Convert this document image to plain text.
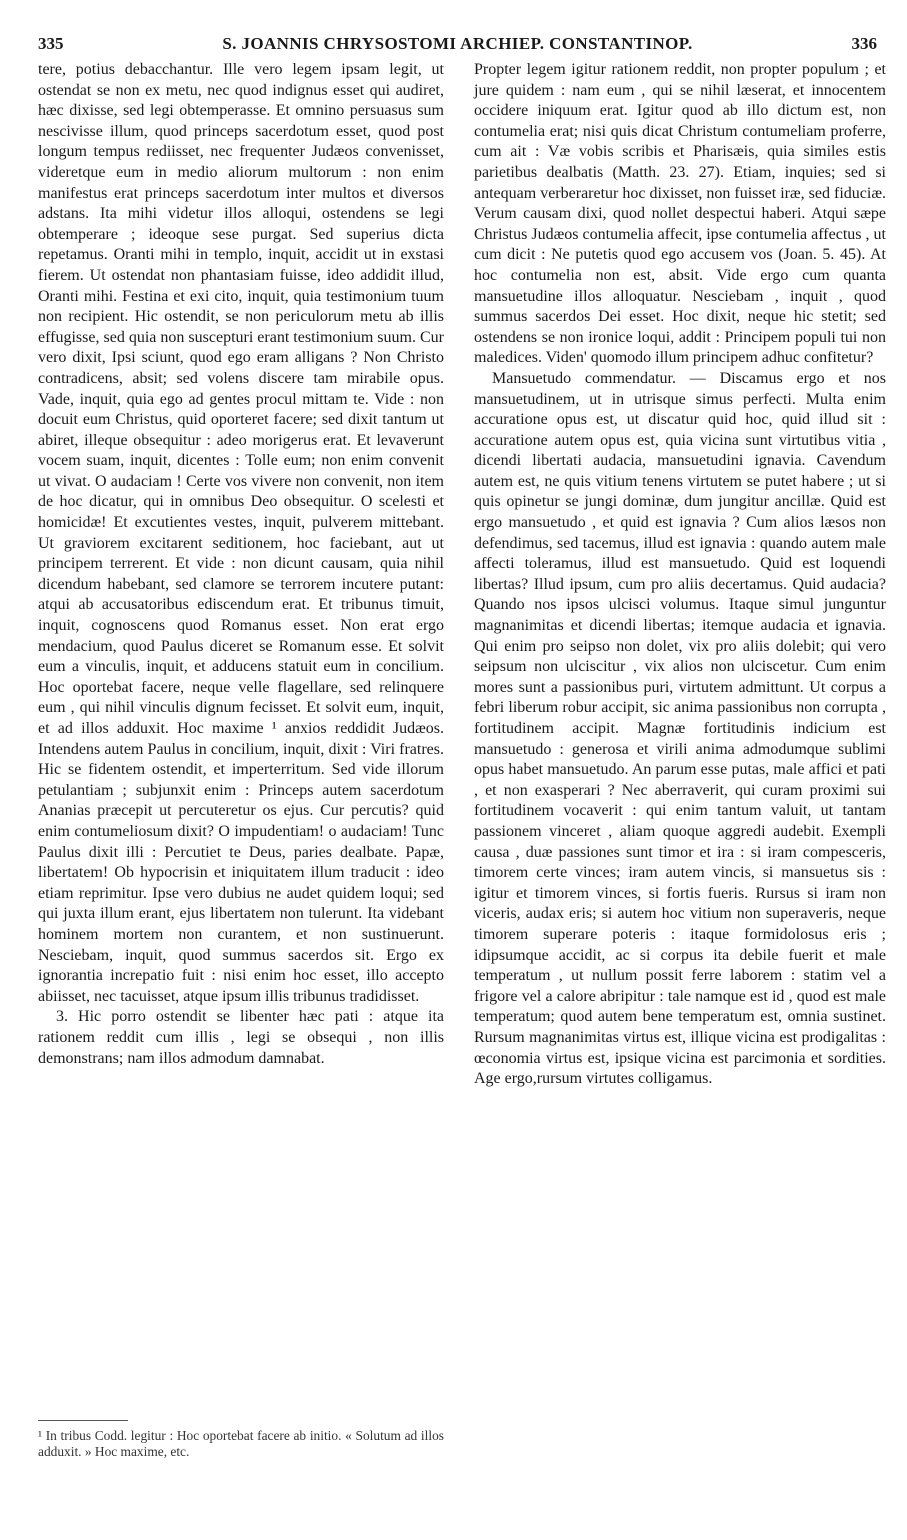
335	S. JOANNIS CHRYSOSTOMI ARCHIEP. CONSTANTINOP.	336

tere, potius debacchantur. Ille vero legem ipsam legit, ut ostendat se non ex metu, nec quod indignus esset qui audiret, hæc dixisse, sed legi obtemperasse. Et omnino persuasus sum nescivisse illum, quod princeps sacerdotum esset, quod post longum tempus rediisset, nec frequenter Judæos convenisset, videretque eum in medio aliorum multorum : non enim manifestus erat princeps sacerdotum inter multos et diversos adstans. Ita mihi videtur illos alloqui, ostendens se legi obtemperare ; ideoque sese purgat. Sed superius dicta repetamus. Oranti mihi in templo, inquit, accidit ut in exstasi fierem. Ut ostendat non phantasiam fuisse, ideo addidit illud, Oranti mihi. Festina et exi cito, inquit, quia testimonium tuum non recipient. Hic ostendit, se non periculorum metu ab illis effugisse, sed quia non suscepturi erant testimonium suum. Cur vero dixit, Ipsi sciunt, quod ego eram alligans ? Non Christo contradicens, absit; sed volens discere tam mirabile opus. Vade, inquit, quia ego ad gentes procul mittam te. Vide : non docuit eum Christus, quid oporteret facere; sed dixit tantum ut abiret, illeque obsequitur : adeo morigerus erat. Et levaverunt vocem suam, inquit, dicentes : Tolle eum; non enim convenit ut vivat. O audaciam ! Certe vos vivere non convenit, non item de hoc dicatur, qui in omnibus Deo obsequitur. O scelesti et homicidæ! Et excutientes vestes, inquit, pulverem mittebant. Ut graviorem excitarent seditionem, hoc faciebant, aut ut principem terrerent. Et vide : non dicunt causam, quia nihil dicendum habebant, sed clamore se terrorem incutere putant: atqui ab accusatoribus ediscendum erat. Et tribunus timuit, inquit, cognoscens quod Romanus esset. Non erat ergo mendacium, quod Paulus diceret se Romanum esse. Et solvit eum a vinculis, inquit, et adducens statuit eum in concilium. Hoc oportebat facere, neque velle flagellare, sed relinquere eum , qui nihil vinculis dignum fecisset. Et solvit eum, inquit, et ad illos adduxit. Hoc maxime ¹ anxios reddidit Judæos. Intendens autem Paulus in concilium, inquit, dixit : Viri fratres. Hic se fidentem ostendit, et imperterritum. Sed vide illorum petulantiam ; subjunxit enim : Princeps autem sacerdotum Ananias præcepit ut percuteretur os ejus. Cur percutis? quid enim contumeliosum dixit? O impudentiam! o audaciam! Tunc Paulus dixit illi : Percutiet te Deus, paries dealbate. Papæ, libertatem! Ob hypocrisin et iniquitatem illum traducit : ideo etiam reprimitur. Ipse vero dubius ne audet quidem loqui; sed qui juxta illum erant, ejus libertatem non tulerunt. Ita videbant hominem mortem non curantem, et non sustinuerunt. Nesciebam, inquit, quod summus sacerdos sit. Ergo ex ignorantia increpatio fuit : nisi enim hoc esset, illo accepto abiisset, nec tacuisset, atque ipsum illis tribunus tradidisset.

3. Hic porro ostendit se libenter hæc pati : atque ita rationem reddit cum illis , legi se obsequi , non illis demonstrans; nam illos admodum damnabat.

¹ In tribus Codd. legitur : Hoc oportebat facere ab initio. « Solutum ad illos adduxit. » Hoc maxime, etc.

Propter legem igitur rationem reddit, non propter populum ; et jure quidem : nam eum , qui se nihil læserat, et innocentem occidere iniquum erat. Igitur quod ab illo dictum est, non contumelia erat; nisi quis dicat Christum contumeliam proferre, cum ait : Væ vobis scribis et Pharisæis, quia similes estis parietibus dealbatis (Matth. 23. 27). Etiam, inquies; sed si antequam verberaretur hoc dixisset, non fuisset iræ, sed fiduciæ. Verum causam dixi, quod nollet despectui haberi. Atqui sæpe Christus Judæos contumelia affecit, ipse contumelia affectus , ut cum dicit : Ne putetis quod ego accusem vos (Joan. 5. 45). At hoc contumelia non est, absit. Vide ergo cum quanta mansuetudine illos alloquatur. Nesciebam , inquit , quod summus sacerdos Dei esset. Hoc dixit, neque hic stetit; sed ostendens se non ironice loqui, addit : Principem populi tui non maledices. Viden' quomodo illum principem adhuc confitetur?

Mansuetudo commendatur. — Discamus ergo et nos mansuetudinem, ut in utrisque simus perfecti. Multa enim accuratione opus est, ut discatur quid hoc, quid illud sit : accuratione autem opus est, quia vicina sunt virtutibus vitia , dicendi libertati audacia, mansuetudini ignavia. Cavendum autem est, ne quis vitium tenens virtutem se putet habere ; ut si quis opinetur se jungi dominæ, dum jungitur ancillæ. Quid est ergo mansuetudo , et quid est ignavia ? Cum alios læsos non defendimus, sed tacemus, illud est ignavia : quando autem male affecti toleramus, illud est mansuetudo. Quid est loquendi libertas? Illud ipsum, cum pro aliis decertamus. Quid audacia? Quando nos ipsos ulcisci volumus. Itaque simul junguntur magnanimitas et dicendi libertas; itemque audacia et ignavia. Qui enim pro seipso non dolet, vix pro aliis dolebit; qui vero seipsum non ulciscitur , vix alios non ulciscetur. Cum enim mores sunt a passionibus puri, virtutem admittunt. Ut corpus a febri liberum robur accipit, sic anima passionibus non corrupta , fortitudinem accipit. Magnæ fortitudinis indicium est mansuetudo : generosa et virili anima admodumque sublimi opus habet mansuetudo. An parum esse putas, male affici et pati , et non exasperari ? Nec aberraverit, qui curam proximi sui fortitudinem vocaverit : qui enim tantum valuit, ut tantam passionem vinceret , aliam quoque aggredi audebit. Exempli causa , duæ passiones sunt timor et ira : si iram compesceris, timorem certe vinces; iram autem vincis, si mansuetus sis : igitur et timorem vinces, si fortis fueris. Rursus si iram non viceris, audax eris; si autem hoc vitium non superaveris, neque timorem superare poteris : itaque formidolosus eris ; idipsumque accidit, ac si corpus ita debile fuerit et male temperatum , ut nullum possit ferre laborem : statim vel a frigore vel a calore abripitur : tale namque est id , quod est male temperatum; quod autem bene temperatum est, omnia sustinet. Rursum magnanimitas virtus est, illique vicina est prodigalitas : œconomia virtus est, ipsique vicina est parcimonia et sordities. Age ergo,rursum virtutes colligamus.
